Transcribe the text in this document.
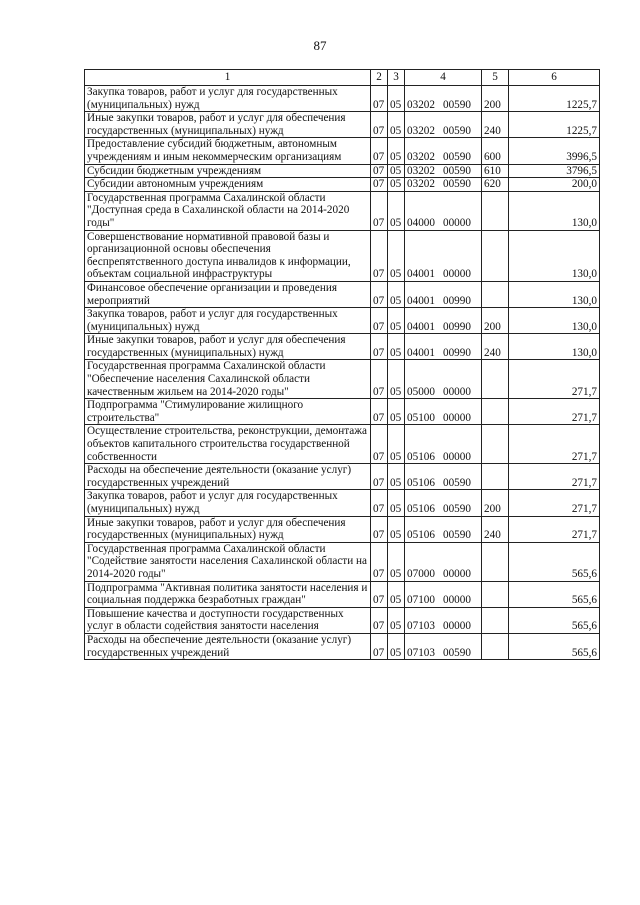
87
1	2	3	4	5	6
Закупка товаров, работ и услуг для государственных (муниципальных) нужд	07	05	03202 00590	200	1225,7
Иные закупки товаров, работ и услуг для обеспечения государственных (муниципальных) нужд	07	05	03202 00590	240	1225,7
Предоставление субсидий бюджетным, автономным учреждениям и иным некоммерческим организациям	07	05	03202 00590	600	3996,5
Субсидии бюджетным учреждениям	07	05	03202 00590	610	3796,5
Субсидии автономным учреждениям	07	05	03202 00590	620	200,0
Государственная программа Сахалинской области "Доступная среда в Сахалинской области на 2014-2020 годы"	07	05	04000 00000		130,0
Совершенствование нормативной правовой базы и организационной основы обеспечения беспрепятственного доступа инвалидов к информации, объектам социальной инфраструктуры	07	05	04001 00000		130,0
Финансовое обеспечение организации и проведения мероприятий	07	05	04001 00990		130,0
Закупка товаров, работ и услуг для государственных (муниципальных) нужд	07	05	04001 00990	200	130,0
Иные закупки товаров, работ и услуг для обеспечения государственных (муниципальных) нужд	07	05	04001 00990	240	130,0
Государственная программа Сахалинской области "Обеспечение населения Сахалинской области качественным жильем на 2014-2020 годы"	07	05	05000 00000		271,7
Подпрограмма "Стимулирование жилищного строительства"	07	05	05100 00000		271,7
Осуществление строительства, реконструкции, демонтажа объектов капитального строительства государственной собственности	07	05	05106 00000		271,7
Расходы на обеспечение деятельности (оказание услуг) государственных учреждений	07	05	05106 00590		271,7
Закупка товаров, работ и услуг для государственных (муниципальных) нужд	07	05	05106 00590	200	271,7
Иные закупки товаров, работ и услуг для обеспечения государственных (муниципальных) нужд	07	05	05106 00590	240	271,7
Государственная программа Сахалинской области "Содействие занятости населения Сахалинской области на 2014-2020 годы"	07	05	07000 00000		565,6
Подпрограмма "Активная политика занятости населения и социальная поддержка безработных граждан"	07	05	07100 00000		565,6
Повышение качества и доступности государственных услуг в области содействия занятости населения	07	05	07103 00000		565,6
Расходы на обеспечение деятельности (оказание услуг) государственных учреждений	07	05	07103 00590		565,6
